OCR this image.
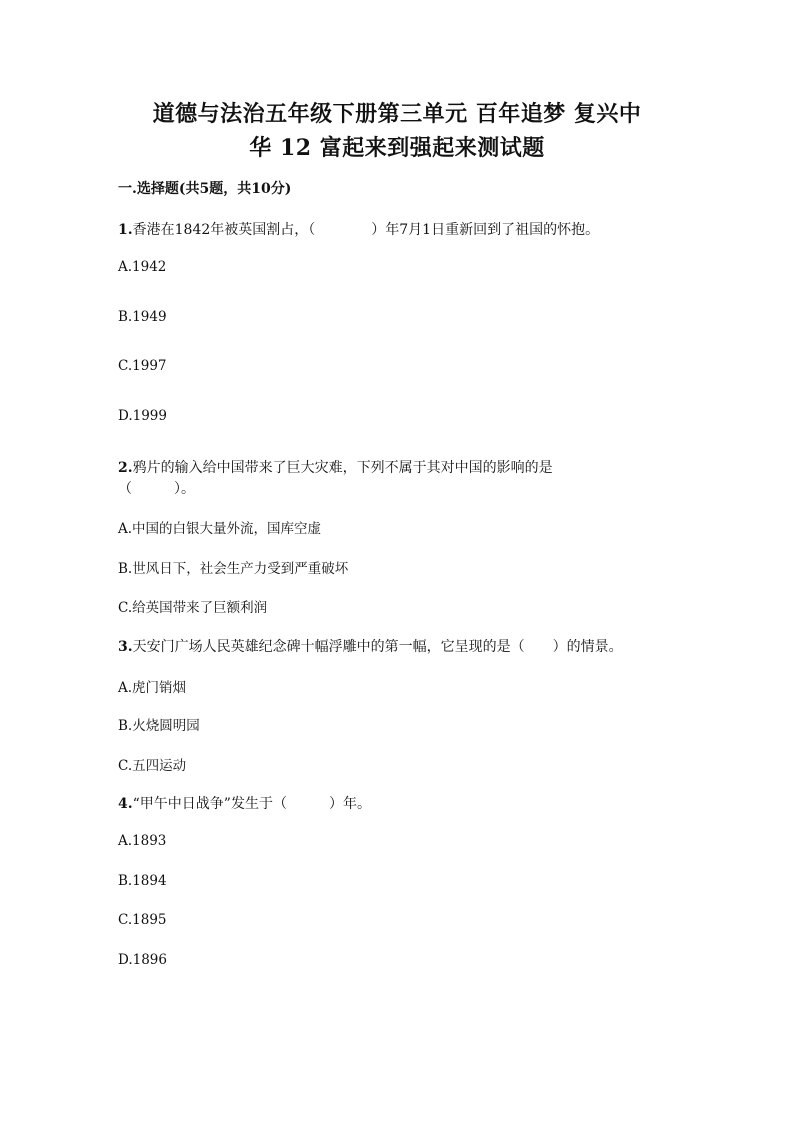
道德与法治五年级下册第三单元 百年追梦 复兴中
华 12 富起来到强起来测试题
一.选择题(共5题，共10分)
1.香港在1842年被英国割占，（　　　　）年7月1日重新回到了祖国的怀抱。
A.1942
B.1949
C.1997
D.1999
2.鸦片的输入给中国带来了巨大灾难，下列不属于其对中国的影响的是
（　　　）。
A.中国的白银大量外流，国库空虚
B.世风日下，社会生产力受到严重破坏
C.给英国带来了巨额利润
3.天安门广场人民英雄纪念碑十幅浮雕中的第一幅，它呈现的是（　　）的情景。
A.虎门销烟
B.火烧圆明园
C.五四运动
4.“甲午中日战争”发生于（　　　）年。
A.1893
B.1894
C.1895
D.1896
